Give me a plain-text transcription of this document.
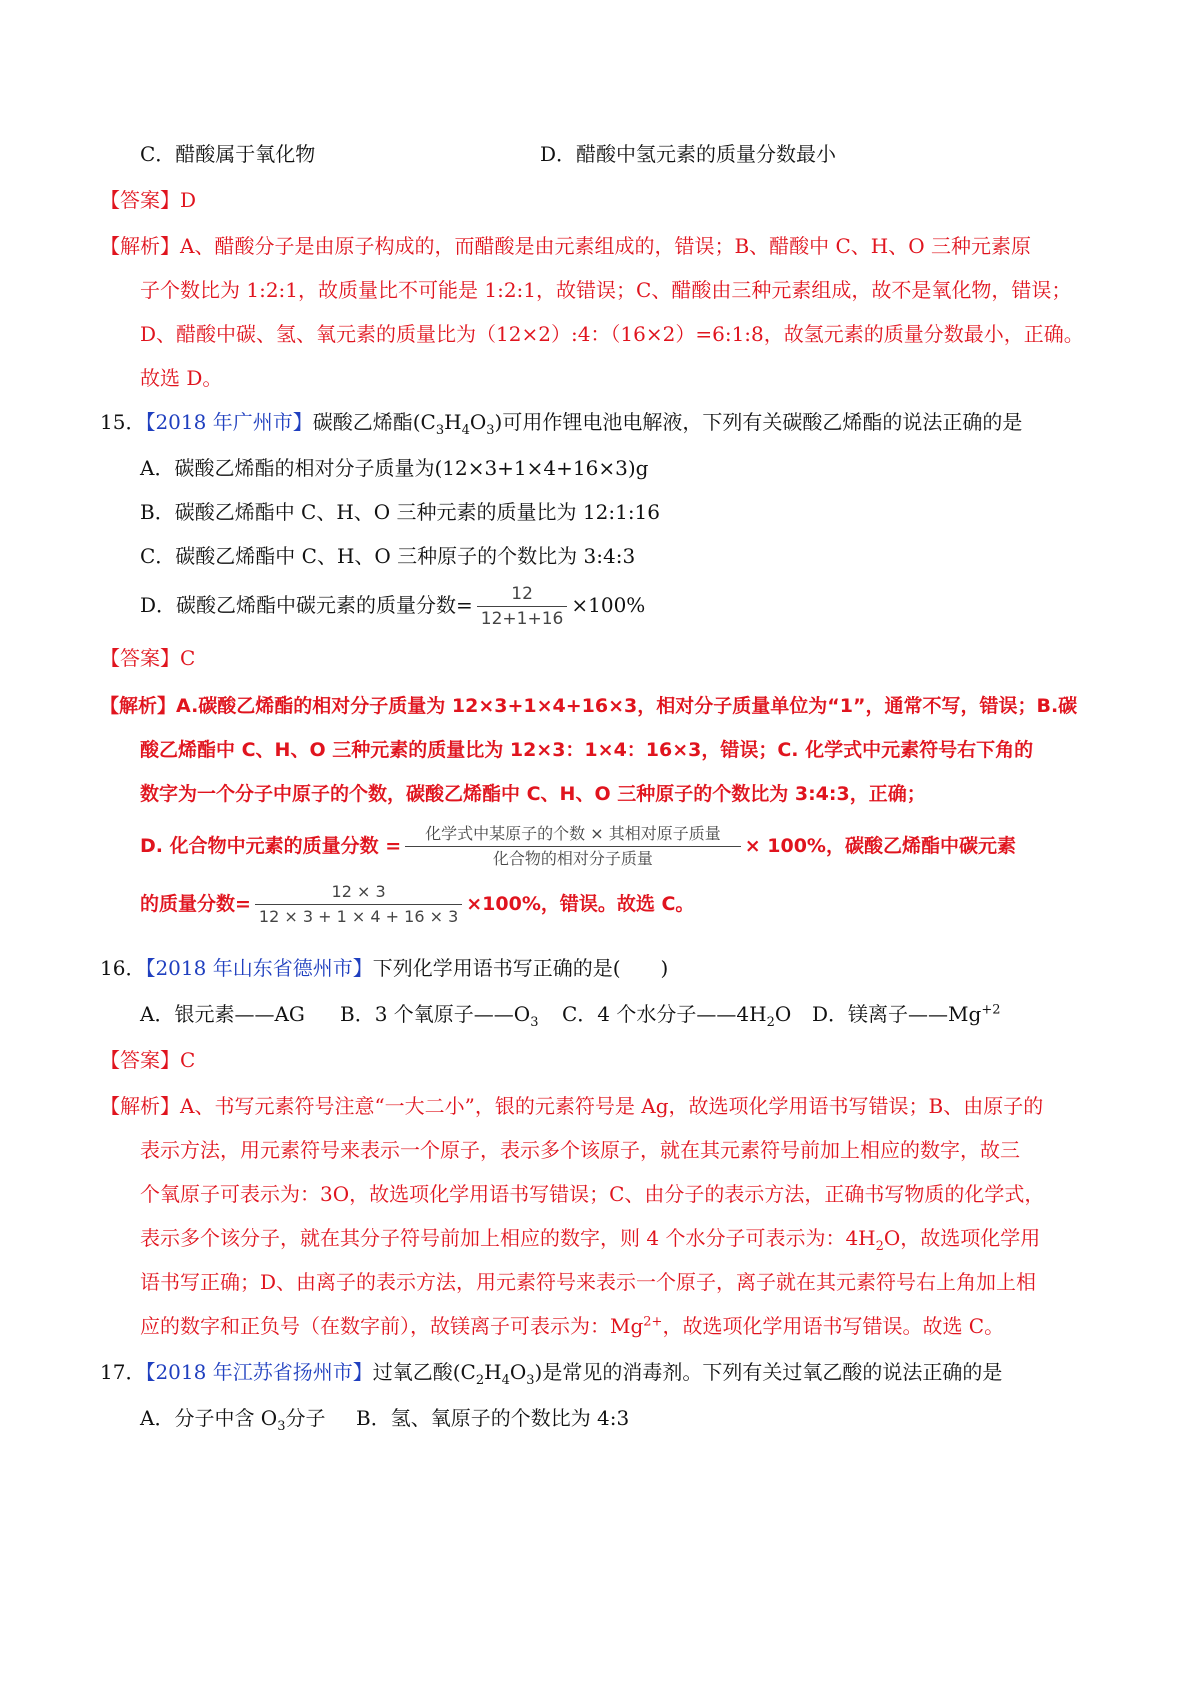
C．醋酸属于氧化物	D．醋酸中氢元素的质量分数最小
【答案】D
【解析】A、醋酸分子是由原子构成的，而醋酸是由元素组成的，错误；B、醋酸中 C、H、O 三种元素原
子个数比为 1:2:1，故质量比不可能是 1:2:1，故错误；C、醋酸由三种元素组成，故不是氧化物，错误；
D、醋酸中碳、氢、氧元素的质量比为（12×2）:4：（16×2）=6:1:8，故氢元素的质量分数最小，正确。
故选 D。
15．【2018 年广州市】碳酸乙烯酯$(C_3H_4O_3)$可用作锂电池电解液，下列有关碳酸乙烯酯的说法正确的是
A．碳酸乙烯酯的相对分子质量为(12×3+1×4+16×3)g
B．碳酸乙烯酯中 C、H、O 三种元素的质量比为 12:1:16
C．碳酸乙烯酯中 C、H、O 三种原子的个数比为 3:4:3
D．碳酸乙烯酯中碳元素的质量分数= $\frac{12}{12+1+16} \times 100\%$
【答案】C
【解析】A.碳酸乙烯酯的相对分子质量为 12×3+1×4+16×3，相对分子质量单位为“1”，通常不写，错误；B.碳
酸乙烯酯中 C、H、O 三种元素的质量比为 12×3：1×4：16×3，错误；C. 化学式中元素符号右下角的
数字为一个分子中原子的个数，碳酸乙烯酯中 C、H、O 三种原子的个数比为 3:4:3，正确；
D. 化合物中元素的质量分数 = $\frac{\text{化学式中某原子的个数 × 其相对原子质量}}{\text{化合物的相对分子质量}} \times 100\%$，碳酸乙烯酯中碳元素
的质量分数= $\frac{12 \times 3}{12 \times 3 + 1 \times 4 + 16 \times 3} \times 100\%$，错误。故选 C。
16．【2018 年山东省德州市】下列化学用语书写正确的是(　　)
A．银元素——AG B．3 个氧原子$——O_3$ C．4 个水分子$——4H_2O$ D．镁离子$——Mg^{+2}$
【答案】C
【解析】A、书写元素符号注意“一大二小”，银的元素符号是 Ag，故选项化学用语书写错误；B、由原子的
表示方法，用元素符号来表示一个原子，表示多个该原子，就在其元素符号前加上相应的数字，故三
个氧原子可表示为：3O，故选项化学用语书写错误；C、由分子的表示方法，正确书写物质的化学式，
表示多个该分子，就在其分子符号前加上相应的数字，则 4 个水分子可表示为：$4H_2O$，故选项化学用
语书写正确；D、由离子的表示方法，用元素符号来表示一个原子，离子就在其元素符号右上角加上相
应的数字和正负号（在数字前），故镁离子可表示为：$Mg^{2+}$，故选项化学用语书写错误。故选 C。
17．【2018 年江苏省扬州市】过氧乙酸$(C_2H_4O_3)$是常见的消毒剂。下列有关过氧乙酸的说法正确的是
A．分子中含 $O_3$分子 B．氢、氧原子的个数比为 4:3
